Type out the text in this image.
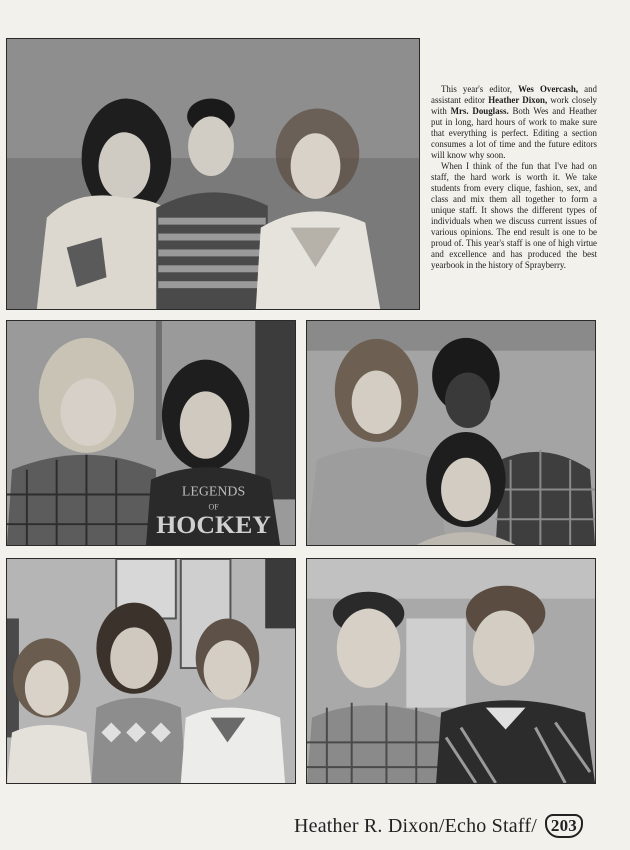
This year's editor, Wes Overcash, and assistant editor Heather Dixon, work closely with Mrs. Douglass. Both Wes and Heather put in long, hard hours of work to make sure that everything is perfect. Editing a section consumes a lot of time and the future editors will know why soon.

When I think of the fun that I've had on staff, the hard work is worth it. We take students from every clique, fashion, sex, and class and mix them all together to form a unique staff. It shows the different types of individuals when we discuss current issues of various opinions. The end result is one to be proud of. This year's staff is one of high virtue and excellence and has produced the best yearbook in the history of Sprayberry.

LEGENDS
OF
HOCKEY
Heather R. Dixon/Echo Staff/ 203
